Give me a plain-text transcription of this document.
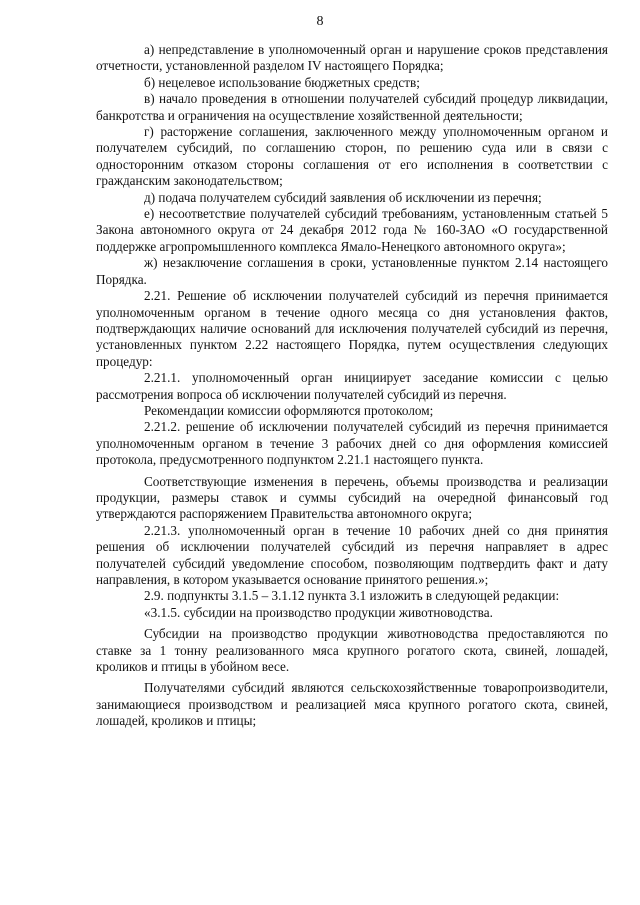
8

а) непредставление в уполномоченный орган и нарушение сроков представления отчетности, установленной разделом IV настоящего Порядка;

б) нецелевое использование бюджетных средств;

в) начало проведения в отношении получателей субсидий процедур ликвидации, банкротства и ограничения на осуществление хозяйственной деятельности;

г) расторжение соглашения, заключенного между уполномоченным органом и получателем субсидий, по соглашению сторон, по решению суда или в связи с односторонним отказом стороны соглашения от его исполнения в соответствии с гражданским законодательством;

д) подача получателем субсидий заявления об исключении из перечня;

е) несоответствие получателей субсидий требованиям, установленным статьей 5 Закона автономного округа от 24 декабря 2012 года № 160-ЗАО «О государственной поддержке агропромышленного комплекса Ямало-Ненецкого автономного округа»;

ж) незаключение соглашения в сроки, установленные пунктом 2.14 настоящего Порядка.

2.21. Решение об исключении получателей субсидий из перечня принимается уполномоченным органом в течение одного месяца со дня установления фактов, подтверждающих наличие оснований для исключения получателей субсидий из перечня, установленных пунктом 2.22 настоящего Порядка, путем осуществления следующих процедур:

2.21.1. уполномоченный орган инициирует заседание комиссии с целью рассмотрения вопроса об исключении получателей субсидий из перечня.

Рекомендации комиссии оформляются протоколом;

2.21.2. решение об исключении получателей субсидий из перечня принимается уполномоченным органом в течение 3 рабочих дней со дня оформления комиссией протокола, предусмотренного подпунктом 2.21.1 настоящего пункта.

Соответствующие изменения в перечень, объемы производства и реализации продукции, размеры ставок и суммы субсидий на очередной финансовый год утверждаются распоряжением Правительства автономного округа;

2.21.3. уполномоченный орган в течение 10 рабочих дней со дня принятия решения об исключении получателей субсидий из перечня направляет в адрес получателей субсидий уведомление способом, позволяющим подтвердить факт и дату направления, в котором указывается основание принятого решения.»;

2.9. подпункты 3.1.5 – 3.1.12 пункта 3.1 изложить в следующей редакции:

«3.1.5. субсидии на производство продукции животноводства.

Субсидии на производство продукции животноводства предоставляются по ставке за 1 тонну реализованного мяса крупного рогатого скота, свиней, лошадей, кроликов и птицы в убойном весе.

Получателями субсидий являются сельскохозяйственные товаропроизводители, занимающиеся производством и реализацией мяса крупного рогатого скота, свиней, лошадей, кроликов и птицы;
